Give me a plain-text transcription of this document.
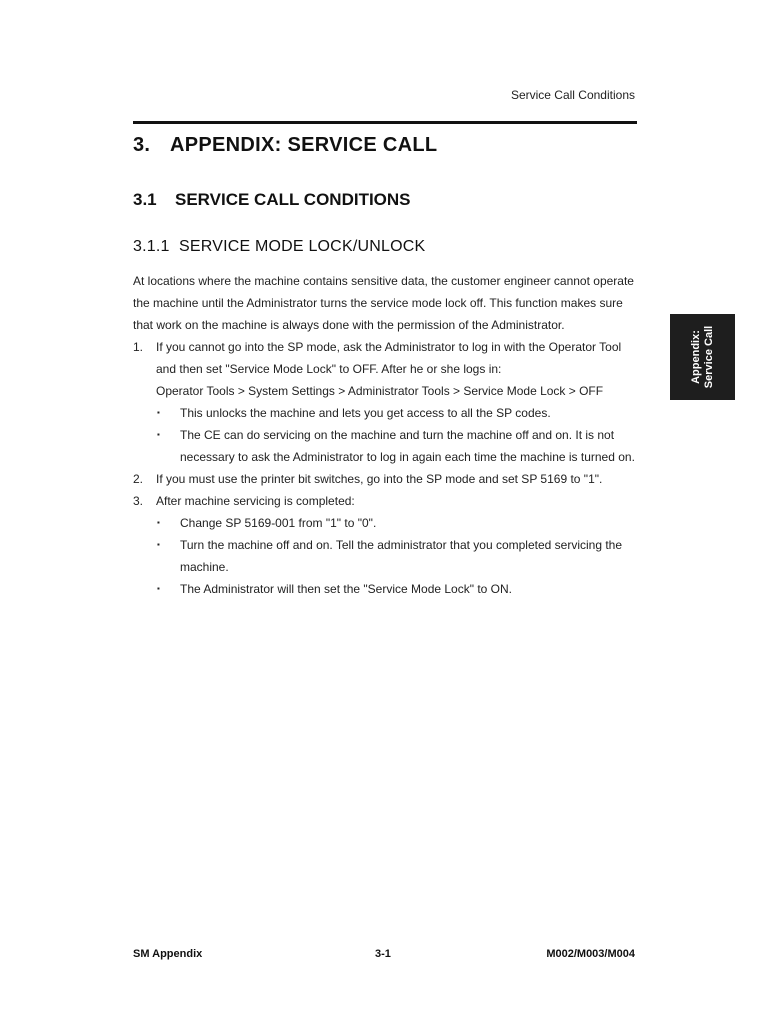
Service Call Conditions
3. APPENDIX: SERVICE CALL
3.1 SERVICE CALL CONDITIONS
3.1.1 SERVICE MODE LOCK/UNLOCK

At locations where the machine contains sensitive data, the customer engineer cannot operate the machine until the Administrator turns the service mode lock off. This function makes sure that work on the machine is always done with the permission of the Administrator.

1. If you cannot go into the SP mode, ask the Administrator to log in with the Operator Tool and then set "Service Mode Lock" to OFF. After he or she logs in:
Operator Tools > System Settings > Administrator Tools > Service Mode Lock > OFF
▪ This unlocks the machine and lets you get access to all the SP codes.
▪ The CE can do servicing on the machine and turn the machine off and on. It is not necessary to ask the Administrator to log in again each time the machine is turned on.
2. If you must use the printer bit switches, go into the SP mode and set SP 5169 to "1".
3. After machine servicing is completed:
▪ Change SP 5169-001 from "1" to "0".
▪ Turn the machine off and on. Tell the administrator that you completed servicing the machine.
▪ The Administrator will then set the "Service Mode Lock" to ON.
Appendix: Service Call
SM Appendix	3-1	M002/M003/M004
